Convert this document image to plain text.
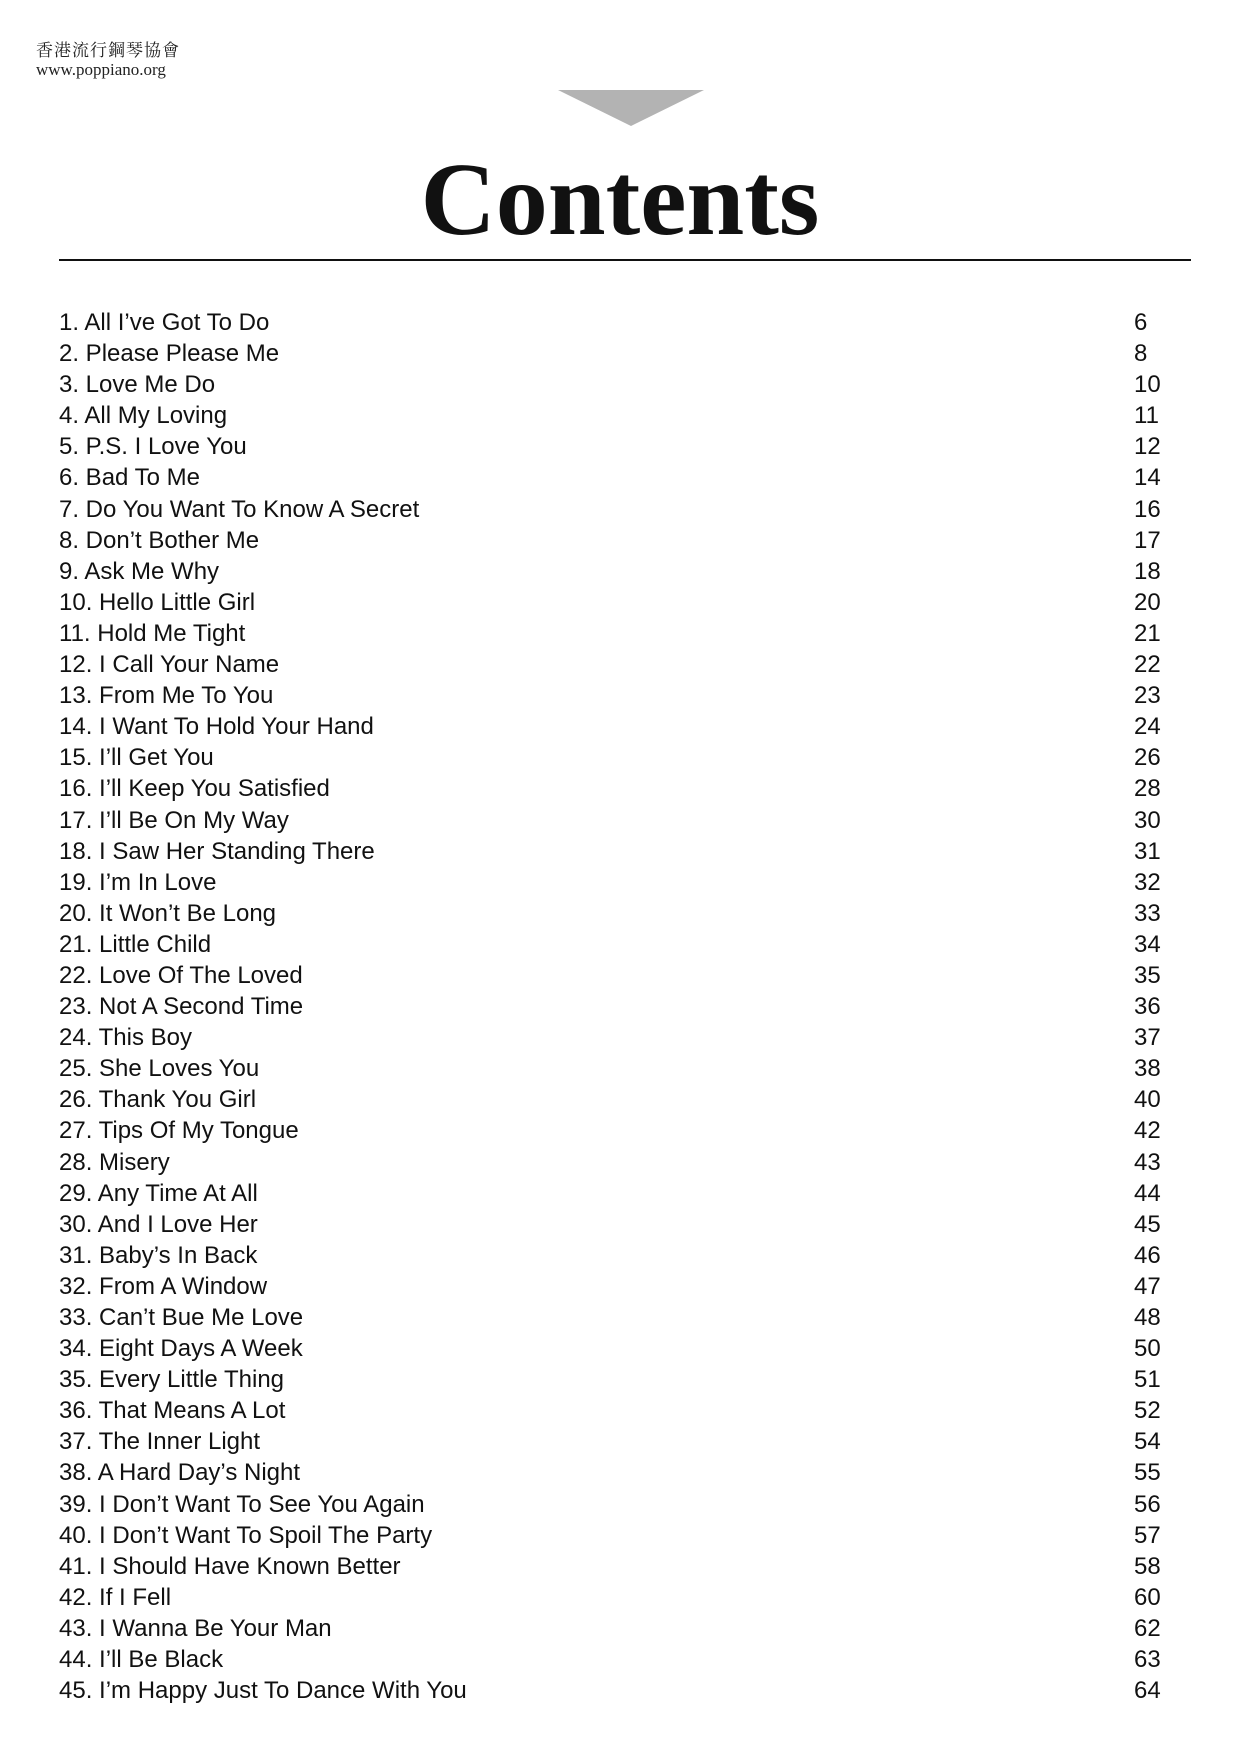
香港流行鋼琴協會
www.poppiano.org
Contents
1. All I’ve Got To Do .....	6
2. Please Please Me .....	8
3. Love Me Do .....	10
4. All My Loving .....	11
5. P.S. I Love You .....	12
6. Bad To Me .....	14
7. Do You Want To Know A Secret .....	16
8. Don’t Bother Me .....	17
9. Ask Me Why .....	18
10. Hello Little Girl .....	20
11. Hold Me Tight .....	21
12. I Call Your Name .....	22
13. From Me To You .....	23
14. I Want To Hold Your Hand .....	24
15. I’ll Get You .....	26
16. I’ll Keep You Satisfied .....	28
17. I’ll Be On My Way .....	30
18. I Saw Her Standing There .....	31
19. I’m In Love .....	32
20. It Won’t Be Long .....	33
21. Little Child .....	34
22. Love Of The Loved .....	35
23. Not A Second Time .....	36
24. This Boy .....	37
25. She Loves You .....	38
26. Thank You Girl .....	40
27. Tips Of My Tongue .....	42
28. Misery .....	43
29. Any Time At All .....	44
30. And I Love Her .....	45
31. Baby’s In Back .....	46
32. From A Window .....	47
33. Can’t Bue Me Love .....	48
34. Eight Days A Week .....	50
35. Every Little Thing .....	51
36. That Means A Lot .....	52
37. The Inner Light .....	54
38. A Hard Day’s Night .....	55
39. I Don’t Want To See You Again .....	56
40. I Don’t Want To Spoil The Party .....	57
41. I Should Have Known Better .....	58
42. If I Fell .....	60
43. I Wanna Be Your Man .....	62
44. I’ll Be Black .....	63
45. I’m Happy Just To Dance With You .....	64
